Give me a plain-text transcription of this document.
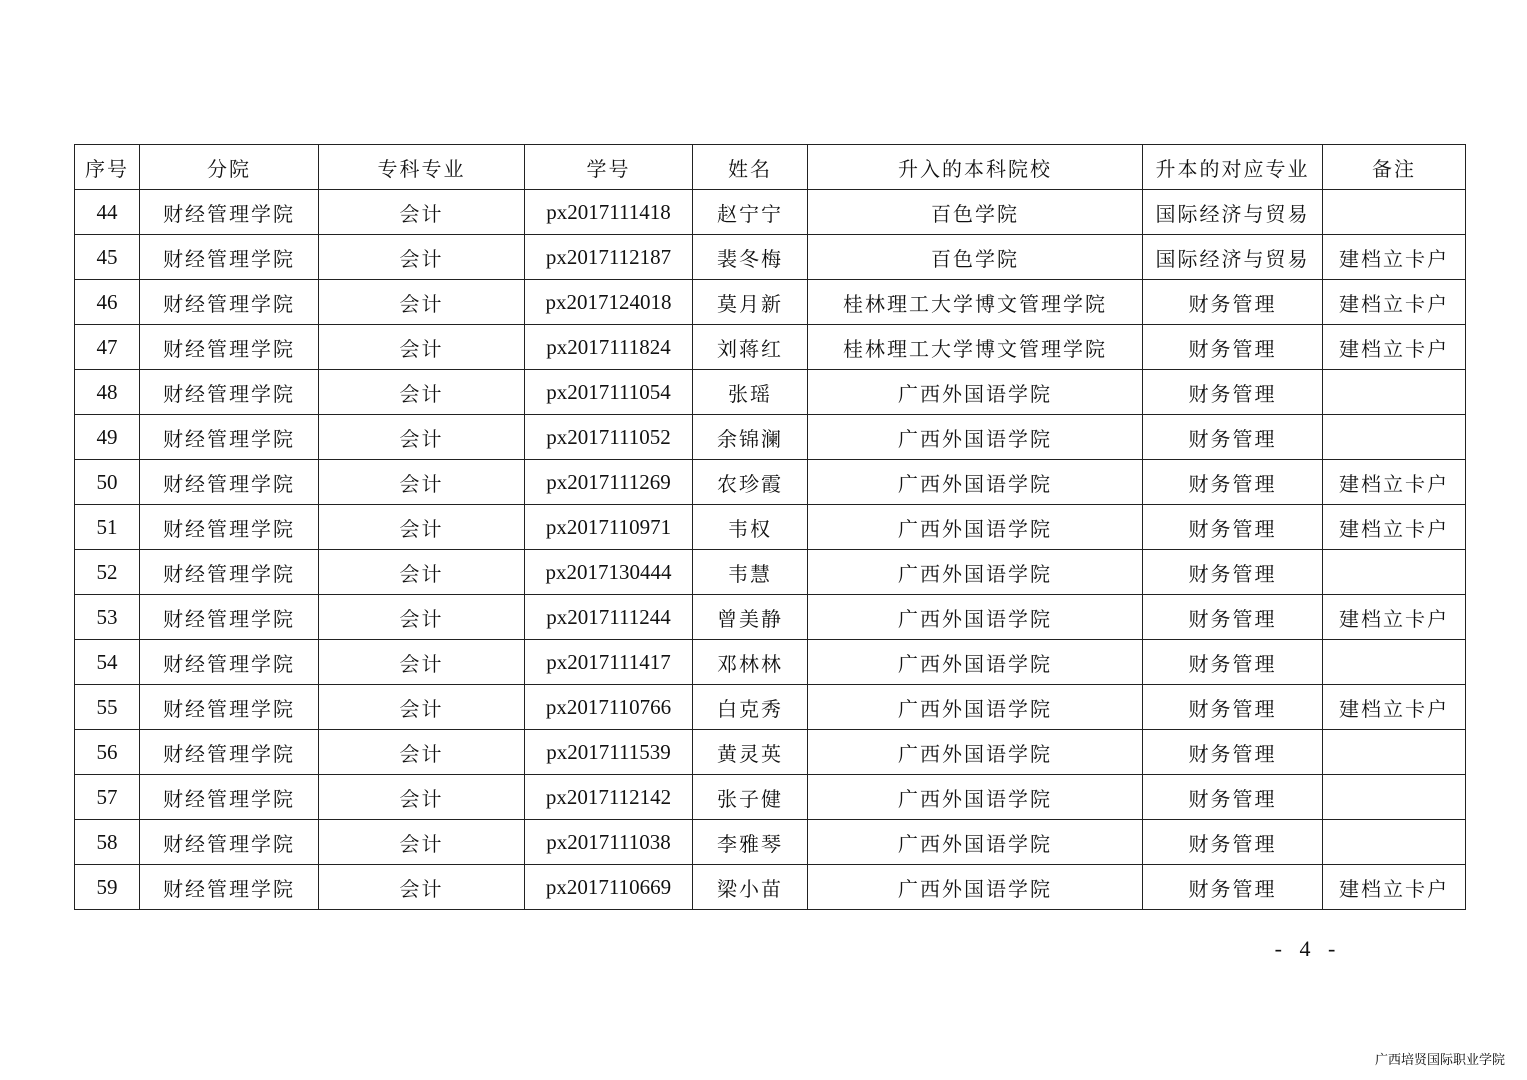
序号	分院	专科专业	学号	姓名	升入的本科院校	升本的对应专业	备注
44	财经管理学院	会计	px2017111418	赵宁宁	百色学院	国际经济与贸易	
45	财经管理学院	会计	px2017112187	裴冬梅	百色学院	国际经济与贸易	建档立卡户
46	财经管理学院	会计	px2017124018	莫月新	桂林理工大学博文管理学院	财务管理	建档立卡户
47	财经管理学院	会计	px2017111824	刘蒋红	桂林理工大学博文管理学院	财务管理	建档立卡户
48	财经管理学院	会计	px2017111054	张瑶	广西外国语学院	财务管理	
49	财经管理学院	会计	px2017111052	余锦澜	广西外国语学院	财务管理	
50	财经管理学院	会计	px2017111269	农珍霞	广西外国语学院	财务管理	建档立卡户
51	财经管理学院	会计	px2017110971	韦权	广西外国语学院	财务管理	建档立卡户
52	财经管理学院	会计	px2017130444	韦慧	广西外国语学院	财务管理	
53	财经管理学院	会计	px2017111244	曾美静	广西外国语学院	财务管理	建档立卡户
54	财经管理学院	会计	px2017111417	邓林林	广西外国语学院	财务管理	
55	财经管理学院	会计	px2017110766	白克秀	广西外国语学院	财务管理	建档立卡户
56	财经管理学院	会计	px2017111539	黄灵英	广西外国语学院	财务管理	
57	财经管理学院	会计	px2017112142	张子健	广西外国语学院	财务管理	
58	财经管理学院	会计	px2017111038	李雅琴	广西外国语学院	财务管理	
59	财经管理学院	会计	px2017110669	梁小苗	广西外国语学院	财务管理	建档立卡户
- 4 -
广西培贤国际职业学院
